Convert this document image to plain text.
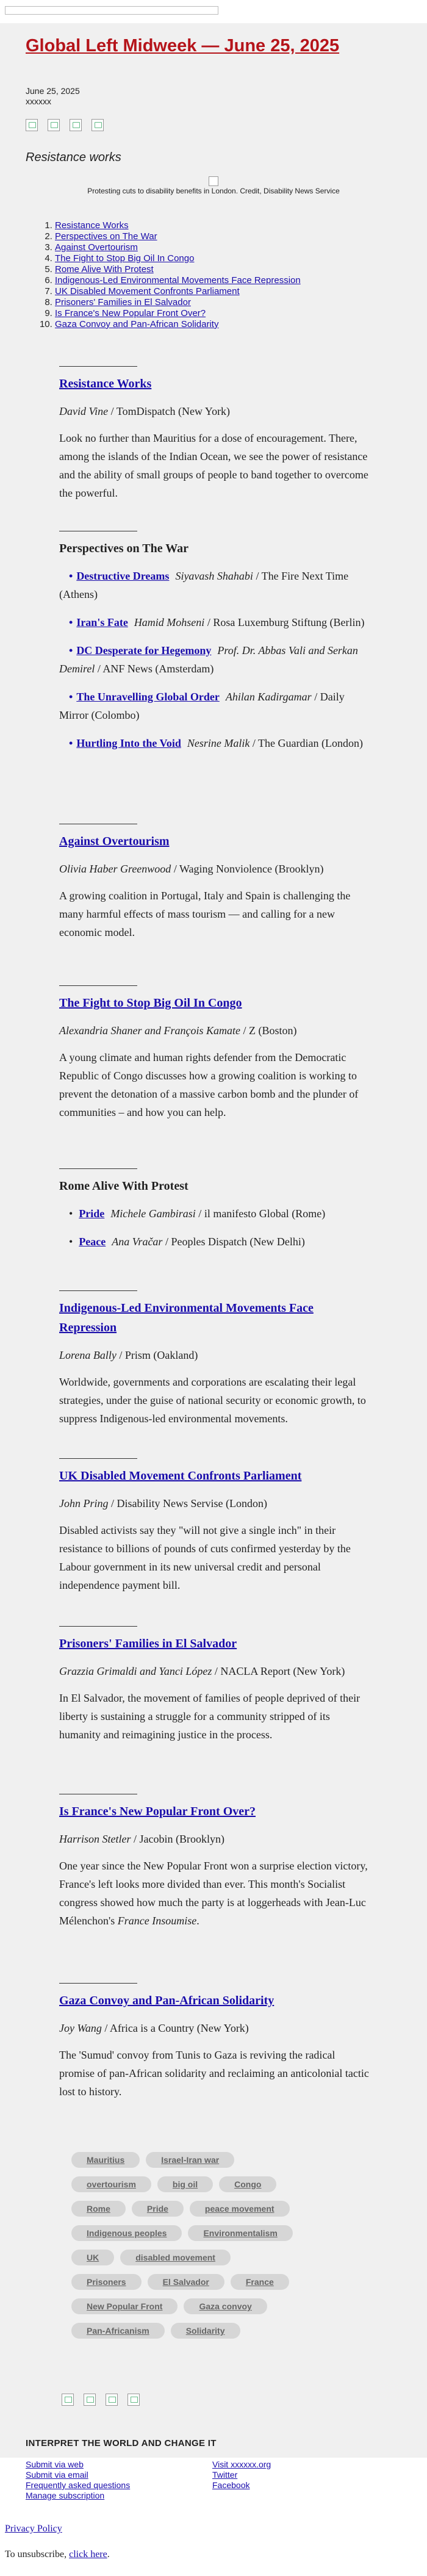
Global Left Midweek — June 25, 2025
June 25, 2025
xxxxxx
Resistance works

Protesting cuts to disability benefits in London. Credit, Disability News Service
1. Resistance Works
2. Perspectives on The War
3. Against Overtourism
4. The Fight to Stop Big Oil In Congo
5. Rome Alive With Protest
6. Indigenous-Led Environmental Movements Face Repression
7. UK Disabled Movement Confronts Parliament
8. Prisoners' Families in El Salvador
9. Is France's New Popular Front Over?
10. Gaza Convoy and Pan-African Solidarity
Resistance Works
David Vine / TomDispatch (New York)
Look no further than Mauritius for a dose of encouragement. There, among the islands of the Indian Ocean, we see the power of resistance and the ability of small groups of people to band together to overcome the powerful.
Perspectives on The War
• Destructive Dreams Siyavash Shahabi / The Fire Next Time (Athens)
• Iran's Fate Hamid Mohseni / Rosa Luxemburg Stiftung (Berlin)
• DC Desperate for Hegemony Prof. Dr. Abbas Vali and Serkan Demirel / ANF News (Amsterdam)
• The Unravelling Global Order Ahilan Kadirgamar / Daily Mirror (Colombo)
• Hurtling Into the Void Nesrine Malik / The Guardian (London)
Against Overtourism
Olivia Haber Greenwood / Waging Nonviolence (Brooklyn)
A growing coalition in Portugal, Italy and Spain is challenging the many harmful effects of mass tourism — and calling for a new economic model.
The Fight to Stop Big Oil In Congo
Alexandria Shaner and François Kamate / Z (Boston)
A young climate and human rights defender from the Democratic Republic of Congo discusses how a growing coalition is working to prevent the detonation of a massive carbon bomb and the plunder of communities – and how you can help.
Rome Alive With Protest
• Pride Michele Gambirasi / il manifesto Global (Rome)
• Peace Ana Vračar / Peoples Dispatch (New Delhi)
Indigenous-Led Environmental Movements Face Repression
Lorena Bally / Prism (Oakland)
Worldwide, governments and corporations are escalating their legal strategies, under the guise of national security or economic growth, to suppress Indigenous-led environmental movements.
UK Disabled Movement Confronts Parliament
John Pring / Disability News Servise (London)
Disabled activists say they "will not give a single inch" in their resistance to billions of pounds of cuts confirmed yesterday by the Labour government in its new universal credit and personal independence payment bill.
Prisoners' Families in El Salvador
Grazzia Grimaldi and Yanci López / NACLA Report (New York)
In El Salvador, the movement of families of people deprived of their liberty is sustaining a struggle for a community stripped of its humanity and reimagining justice in the process.
Is France's New Popular Front Over?
Harrison Stetler / Jacobin (Brooklyn)
One year since the New Popular Front won a surprise election victory, France's left looks more divided than ever. This month's Socialist congress showed how much the party is at loggerheads with Jean-Luc Mélenchon's France Insoumise.
Gaza Convoy and Pan-African Solidarity
Joy Wang / Africa is a Country (New York)
The 'Sumud' convoy from Tunis to Gaza is reviving the radical promise of pan-African solidarity and reclaiming an anticolonial tactic lost to history.
Mauritius	Israel-Iran war
overtourism	big oil	Congo
Rome	Pride	peace movement
Indigenous peoples	Environmentalism
UK	disabled movement
Prisoners	El Salvador	France
New Popular Front	Gaza convoy
Pan-Africanism	Solidarity
INTERPRET THE WORLD AND CHANGE IT
Submit via web
Submit via email
Frequently asked questions
Manage subscription
Visit xxxxxx.org
Twitter
Facebook
Privacy Policy
To unsubscribe, click here.
